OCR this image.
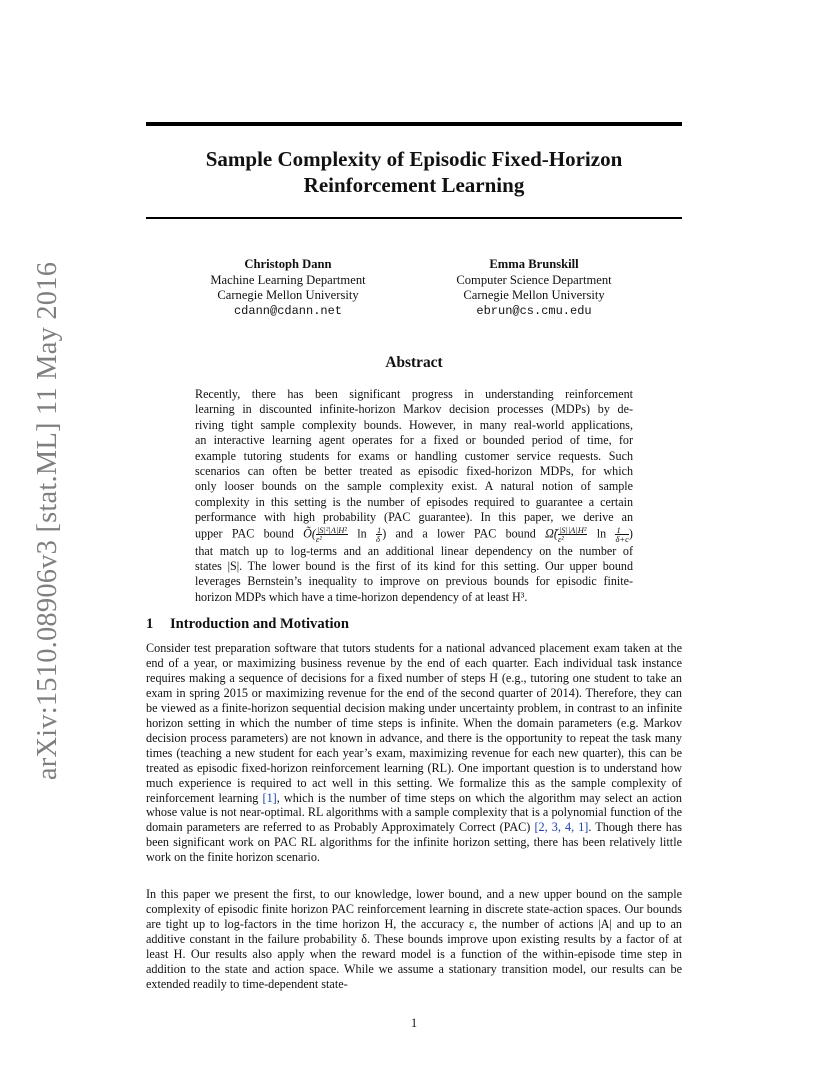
arXiv:1510.08906v3 [stat.ML] 11 May 2016
Sample Complexity of Episodic Fixed-Horizon
Reinforcement Learning
Christoph Dann
Machine Learning Department
Carnegie Mellon University
cdann@cdann.net
Emma Brunskill
Computer Science Department
Carnegie Mellon University
ebrun@cs.cmu.edu
Abstract
Recently, there has been significant progress in understanding reinforcement
learning in discounted infinite-horizon Markov decision processes (MDPs) by de-
riving tight sample complexity bounds. However, in many real-world applications,
an interactive learning agent operates for a fixed or bounded period of time, for
example tutoring students for exams or handling customer service requests. Such
scenarios can often be better treated as episodic fixed-horizon MDPs, for which
only looser bounds on the sample complexity exist. A natural notion of sample
complexity in this setting is the number of episodes required to guarantee a certain
performance with high probability (PAC guarantee). In this paper, we derive an
upper PAC bound Õ( $\frac{\text{|S|²|A|H²}}{\text{ε²}}$ $\ln \frac{1}{\delta}$ ) and a lower PAC bound Ω̃( $\frac{\text{|S||A|H²}}{\text{ε²}}$ $\ln \frac{1}{\delta+c}$ )
that match up to log-terms and an additional linear dependency on the number of
states |S|. The lower bound is the first of its kind for this setting. Our upper bound
leverages Bernstein’s inequality to improve on previous bounds for episodic finite-
horizon MDPs which have a time-horizon dependency of at least H³.
1 Introduction and Motivation
Consider test preparation software that tutors students for a national advanced placement exam taken at the end of a year, or maximizing business revenue by the end of each quarter. Each individual task instance requires making a sequence of decisions for a fixed number of steps H (e.g., tutoring one student to take an exam in spring 2015 or maximizing revenue for the end of the second quarter of 2014). Therefore, they can be viewed as a finite-horizon sequential decision making under uncertainty problem, in contrast to an infinite horizon setting in which the number of time steps is infinite. When the domain parameters (e.g. Markov decision process parameters) are not known in advance, and there is the opportunity to repeat the task many times (teaching a new student for each year’s exam, maximizing revenue for each new quarter), this can be treated as episodic fixed-horizon reinforcement learning (RL). One important question is to understand how much experience is required to act well in this setting. We formalize this as the sample complexity of reinforcement learning [1], which is the number of time steps on which the algorithm may select an action whose value is not near-optimal. RL algorithms with a sample complexity that is a polynomial function of the domain parameters are referred to as Probably Approximately Correct (PAC) [2, 3, 4, 1]. Though there has been significant work on PAC RL algorithms for the infinite horizon setting, there has been relatively little work on the finite horizon scenario.
In this paper we present the first, to our knowledge, lower bound, and a new upper bound on the sample complexity of episodic finite horizon PAC reinforcement learning in discrete state-action spaces. Our bounds are tight up to log-factors in the time horizon H, the accuracy ε, the number of actions |A| and up to an additive constant in the failure probability δ. These bounds improve upon existing results by a factor of at least H. Our results also apply when the reward model is a function of the within-episode time step in addition to the state and action space. While we assume a stationary transition model, our results can be extended readily to time-dependent state-
1
